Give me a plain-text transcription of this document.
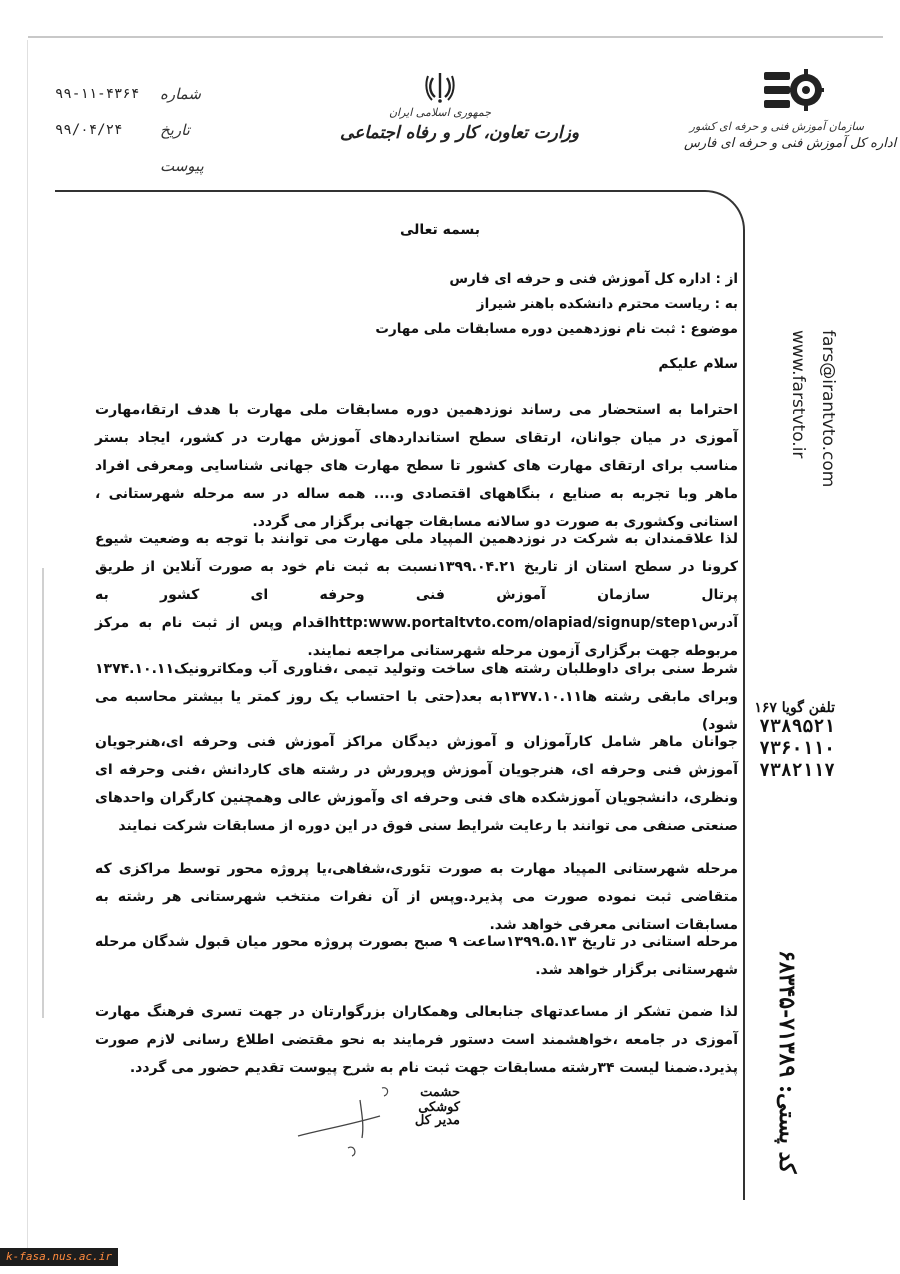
۹۹-۱۱-۴۳۶۴	شماره
۹۹/۰۴/۲۴	تاریخ
پیوست
جمهوری اسلامی ایران
وزارت تعاون، کار و رفاه اجتماعی	سازمان آموزش فنی و حرفه ای کشور
اداره کل آموزش فنی و حرفه ای فارس
بسمه تعالی
از : اداره کل آموزش فنی و حرفه ای فارس
به : ریاست محترم دانشکده باهنر شیراز
موضوع : ثبت نام نوزدهمین دوره مسابقات ملی مهارت
سلام علیکم
احتراما به استحضار می رساند نوزدهمین دوره مسابقات ملی مهارت با هدف ارتقا،مهارت آموزی در میان جوانان، ارتقای سطح استانداردهای آموزش مهارت در کشور، ایجاد بستر مناسب برای ارتقای مهارت های کشور تا سطح مهارت های جهانی شناسایی ومعرفی افراد ماهر وبا تجربه به صنایع ، بنگاههای اقتصادی و.... همه ساله در سه مرحله شهرستانی ، استانی وکشوری به صورت دو سالانه مسابقات جهانی برگزار می گردد.
لذا علاقمندان به شرکت در نوزدهمین المپیاد ملی مهارت می توانند با توجه به وضعیت شیوع کرونا در سطح استان از تاریخ ۱۳۹۹.۰۴.۲۱نسبت به ثبت نام خود به صورت آنلاین از طریق پرتال سازمان آموزش فنی وحرفه ای کشور به آدرسhttp:www.portaltvto.com/olapiad/signup/step۱اقدام وپس از ثبت نام به مرکز مربوطه جهت برگزاری آزمون مرحله شهرستانی مراجعه نمایند.
شرط سنی برای داوطلبان رشته های ساخت وتولید تیمی ،فناوری آب ومکاترونیک۱۳۷۴.۱۰.۱۱ وبرای مابقی رشته ها۱۳۷۷.۱۰.۱۱به بعد(حتی با احتساب یک روز کمتر یا بیشتر محاسبه می شود)
جوانان ماهر شامل کارآموزان و آموزش دیدگان مراکز آموزش فنی وحرفه ای،هنرجویان آموزش فنی وحرفه ای، هنرجویان آموزش وپرورش در رشته های کاردانش ،فنی وحرفه ای ونظری، دانشجویان آموزشکده های فنی وحرفه ای وآموزش عالی وهمچنین کارگران واحدهای صنعتی صنفی می توانند با رعایت شرایط سنی فوق در این دوره از مسابقات شرکت نمایند
مرحله شهرستانی المپیاد مهارت به صورت تئوری،شفاهی،یا پروژه محور توسط مراکزی که متقاضی ثبت نموده صورت می پذیرد.وپس از آن نفرات منتخب شهرستانی هر رشته به مسابقات استانی معرفی خواهد شد.
مرحله استانی در تاریخ ۱۳۹۹.۵.۱۳ساعت ۹ صبح بصورت پروژه محور میان قبول شدگان مرحله شهرستانی برگزار خواهد شد.
لذا ضمن تشکر از مساعدتهای جنابعالی وهمکاران بزرگوارتان در جهت تسری فرهنگ مهارت آموزی در جامعه ،خواهشمند است دستور فرمایند به نحو مقتضی اطلاع رسانی لازم صورت پذیرد.ضمنا لیست ۳۴رشته مسابقات جهت ثبت نام به شرح پیوست تقدیم حضور می گردد.
حشمت کوشکی
مدیر کل
www.farstvto.ir fars@irantvto.com
تلفن گویا ۱۶۷
۷۳۸۹۵۲۱
۷۳۶۰۱۱۰
۷۳۸۲۱۱۷
کد پستی: ۷۱۳۸۹-۶۸۳۴۵
k-fasa.nus.ac.ir
